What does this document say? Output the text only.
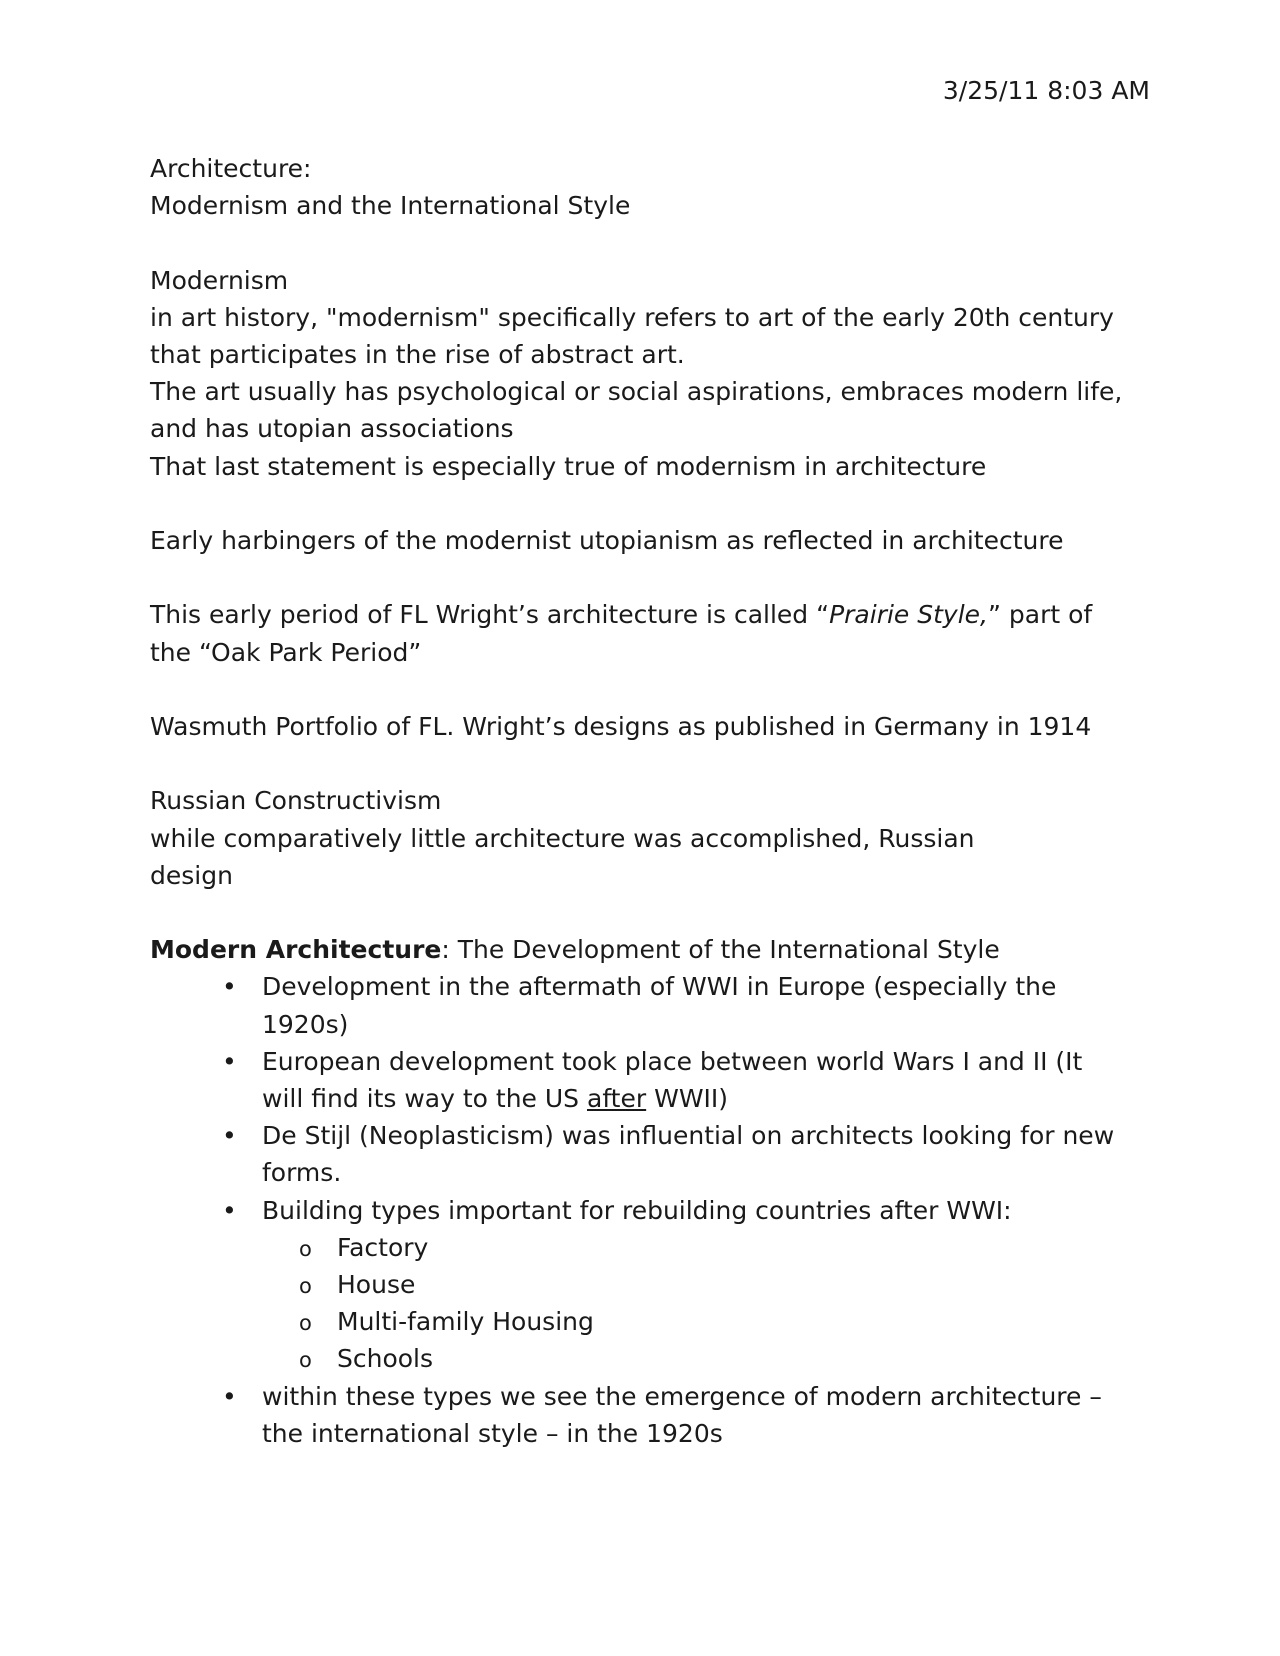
3/25/11 8:03 AM
Architecture:
Modernism and the International Style
Modernism
in art history, "modernism" specifically refers to art of the early 20th century
that participates in the rise of abstract art.
The art usually has psychological or social aspirations, embraces modern life,
and has utopian associations
That last statement is especially true of modernism in architecture
Early harbingers of the modernist utopianism as reflected in architecture
This early period of FL Wright’s architecture is called “Prairie Style,” part of
the “Oak Park Period”
Wasmuth Portfolio of FL. Wright’s designs as published in Germany in 1914
Russian Constructivism
while comparatively little architecture was accomplished, Russian
design
Modern Architecture: The Development of the International Style
• Development in the aftermath of WWI in Europe (especially the
1920s)
• European development took place between world Wars I and II (It
will find its way to the US after WWII)
• De Stijl (Neoplasticism) was influential on architects looking for new
forms.
• Building types important for rebuilding countries after WWI:
o Factory
o House
o Multi-family Housing
o Schools
• within these types we see the emergence of modern architecture –
the international style – in the 1920s
